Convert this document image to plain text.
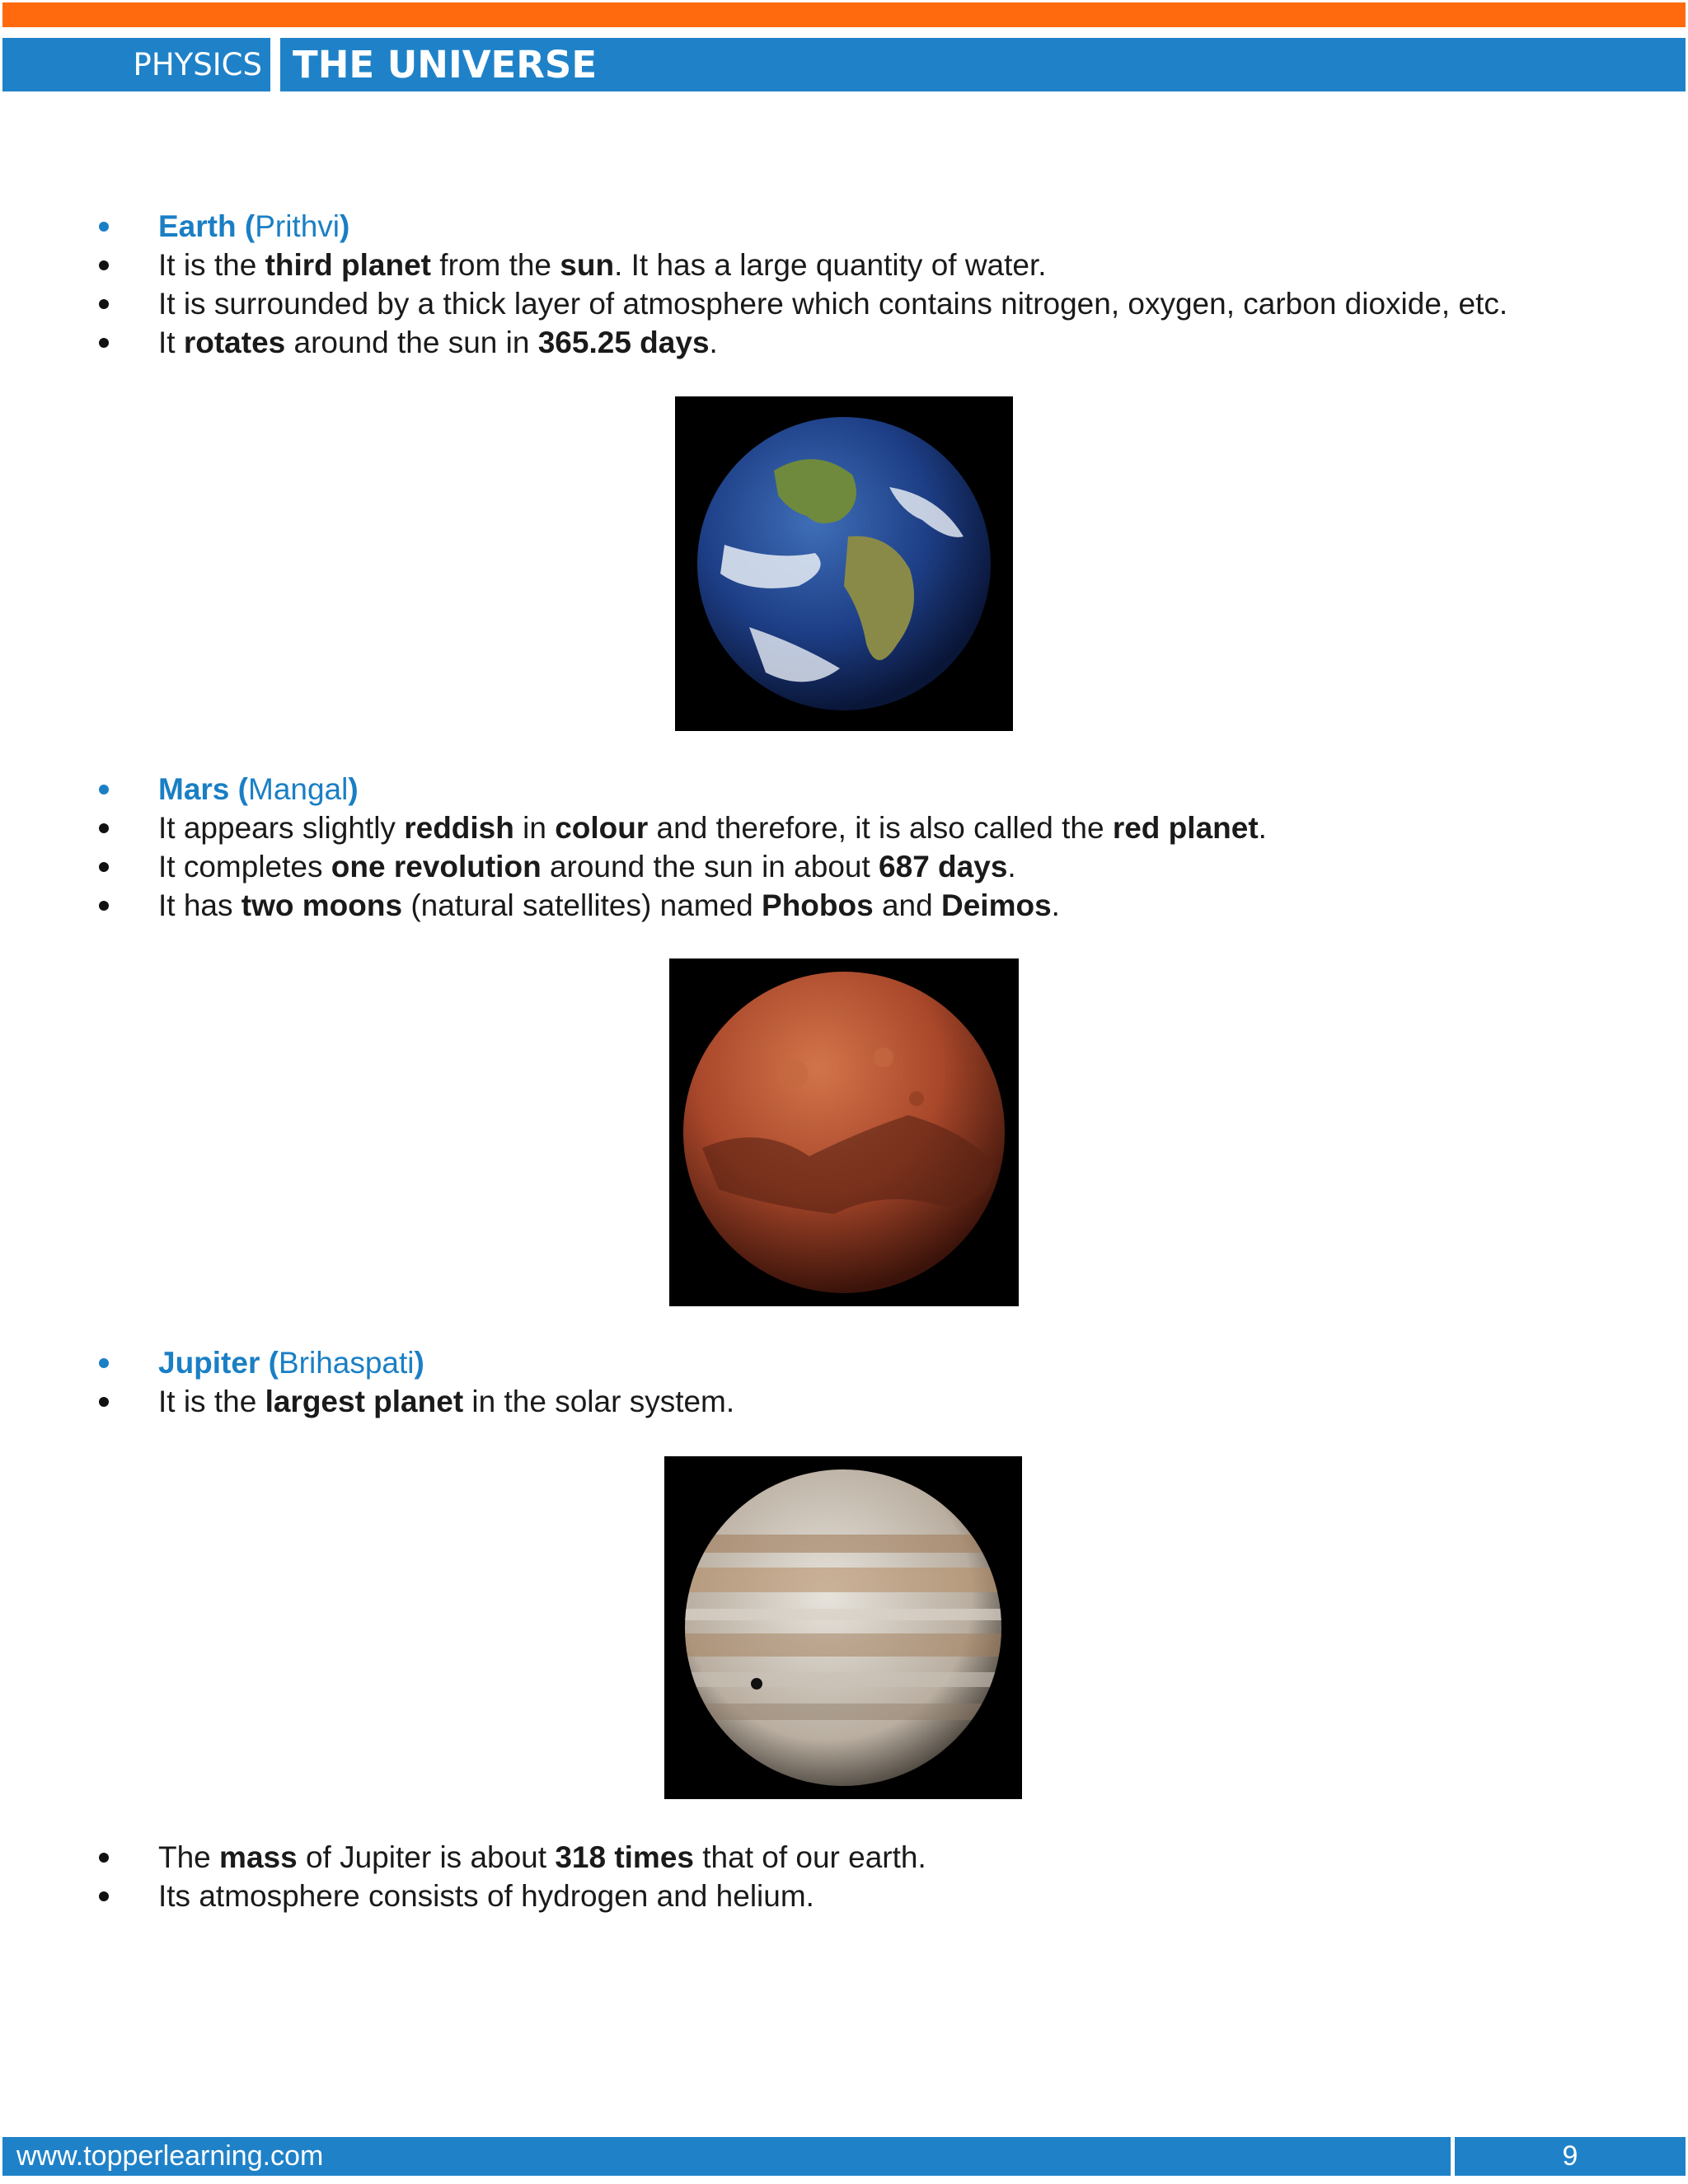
PHYSICS THE UNIVERSE
Earth (Prithvi)
It is the third planet from the sun. It has a large quantity of water.
It is surrounded by a thick layer of atmosphere which contains nitrogen, oxygen, carbon dioxide, etc.
It rotates around the sun in 365.25 days.
Mars (Mangal)
It appears slightly reddish in colour and therefore, it is also called the red planet.
It completes one revolution around the sun in about 687 days.
It has two moons (natural satellites) named Phobos and Deimos.
Jupiter (Brihaspati)
It is the largest planet in the solar system.
The mass of Jupiter is about 318 times that of our earth.
Its atmosphere consists of hydrogen and helium.
www.topperlearning.com	9
